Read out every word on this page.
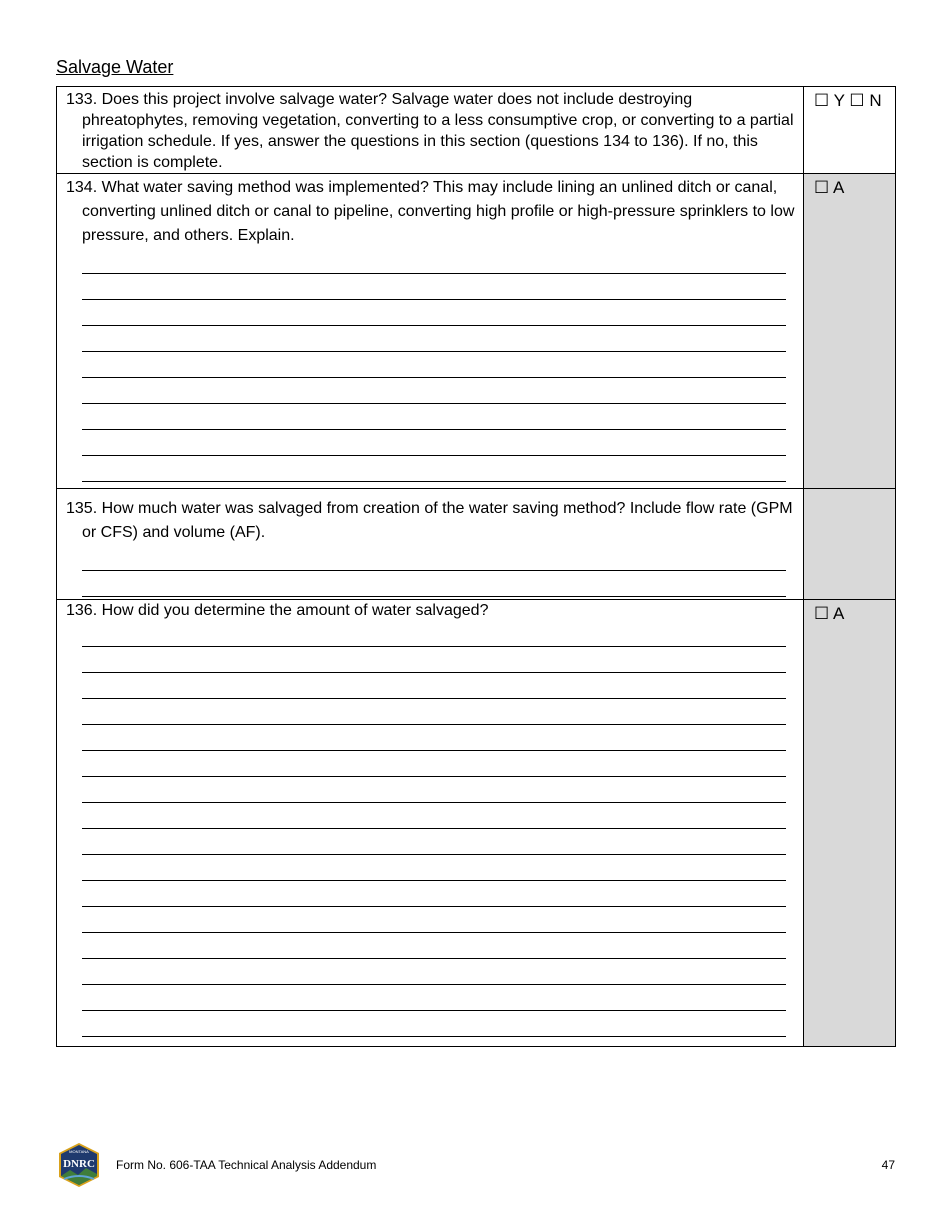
Salvage Water
133. Does this project involve salvage water? Salvage water does not include destroying phreatophytes, removing vegetation, converting to a less consumptive crop, or converting to a partial irrigation schedule. If yes, answer the questions in this section (questions 134 to 136). If no, this section is complete.	☐ Y ☐ N

134. What water saving method was implemented? This may include lining an unlined ditch or canal, converting unlined ditch or canal to pipeline, converting high profile or high-pressure sprinklers to low pressure, and others. Explain.	☐ A

135. How much water was salvaged from creation of the water saving method? Include flow rate (GPM or CFS) and volume (AF).	

136. How did you determine the amount of water salvaged?	☐ A
MONTANA
DNRC Form No. 606-TAA Technical Analysis Addendum	47
